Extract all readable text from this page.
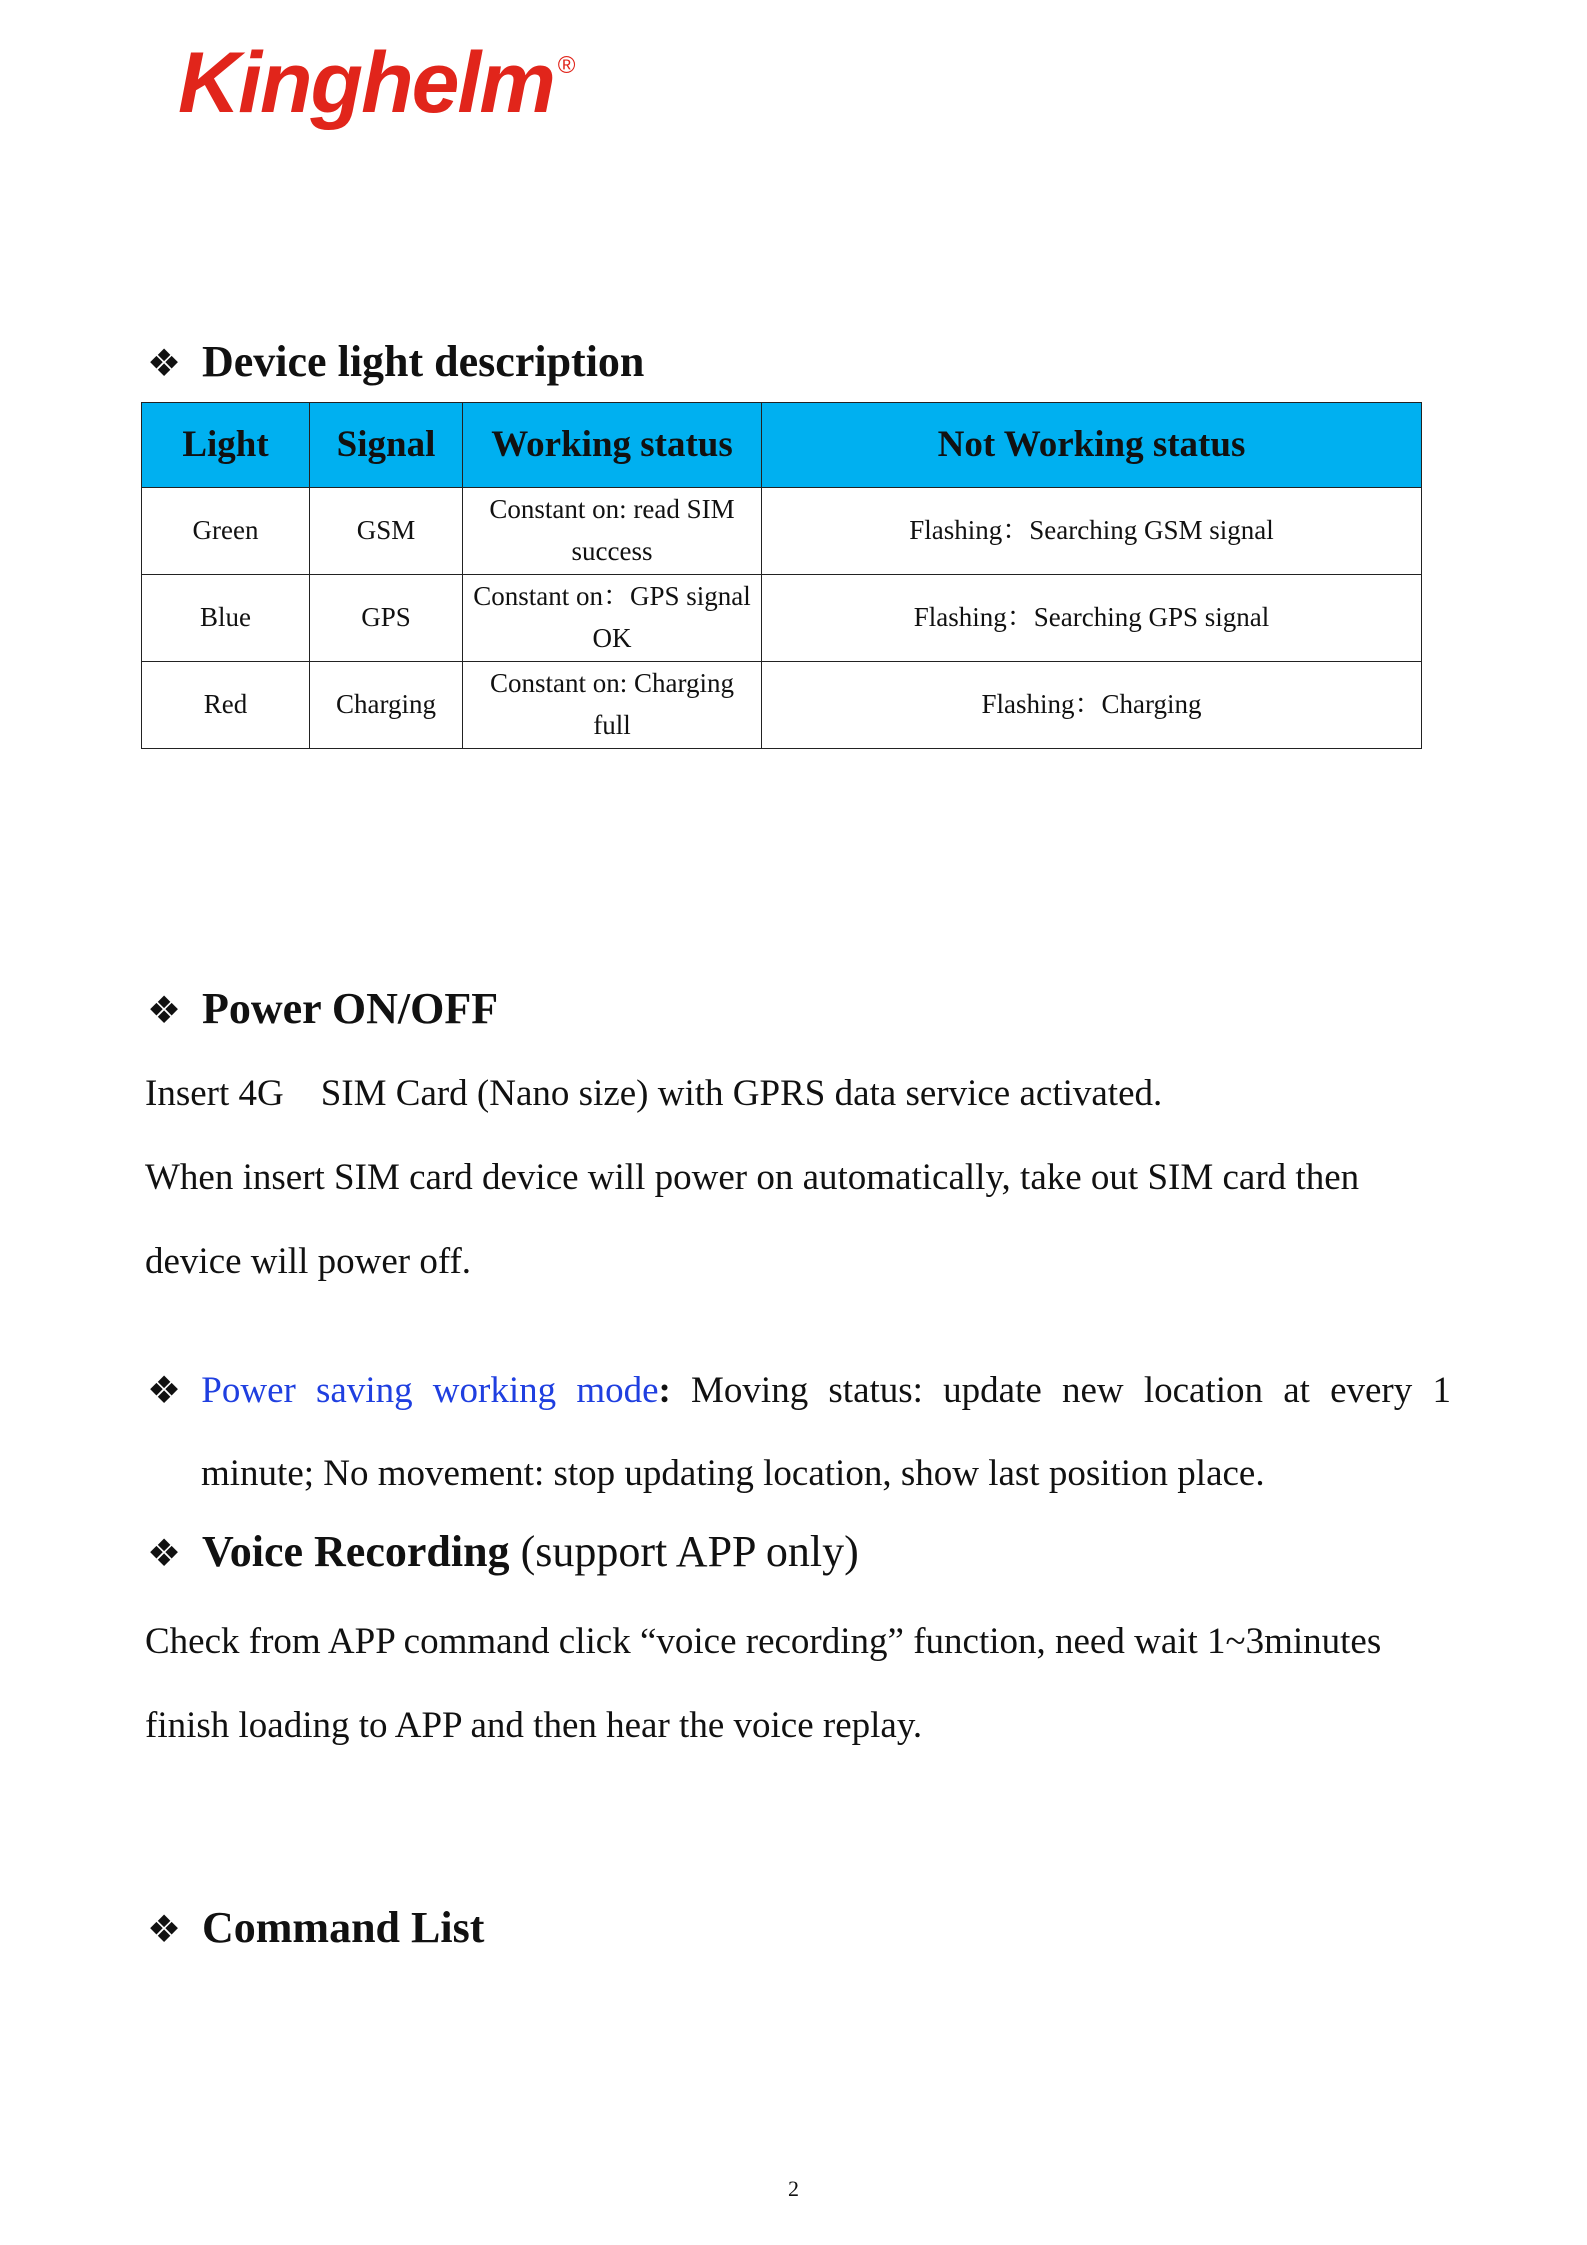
Kinghelm ®
❖ Device light description
Light	Signal	Working status	Not Working status
Green	GSM	Constant on: read SIM success	Flashing：Searching GSM signal
Blue	GPS	Constant on：GPS signal OK	Flashing：Searching GPS signal
Red	Charging	Constant on: Charging full	Flashing：Charging
❖ Power ON/OFF
Insert 4G    SIM Card (Nano size) with GPRS data service activated.
When insert SIM card device will power on automatically, take out SIM card then
device will power off.
❖ Power saving working mode: Moving status: update new location at every 1
minute; No movement: stop updating location, show last position place.
❖ Voice Recording (support APP only)
Check from APP command click “voice recording” function, need wait 1~3minutes
finish loading to APP and then hear the voice replay.
❖ Command List
2
